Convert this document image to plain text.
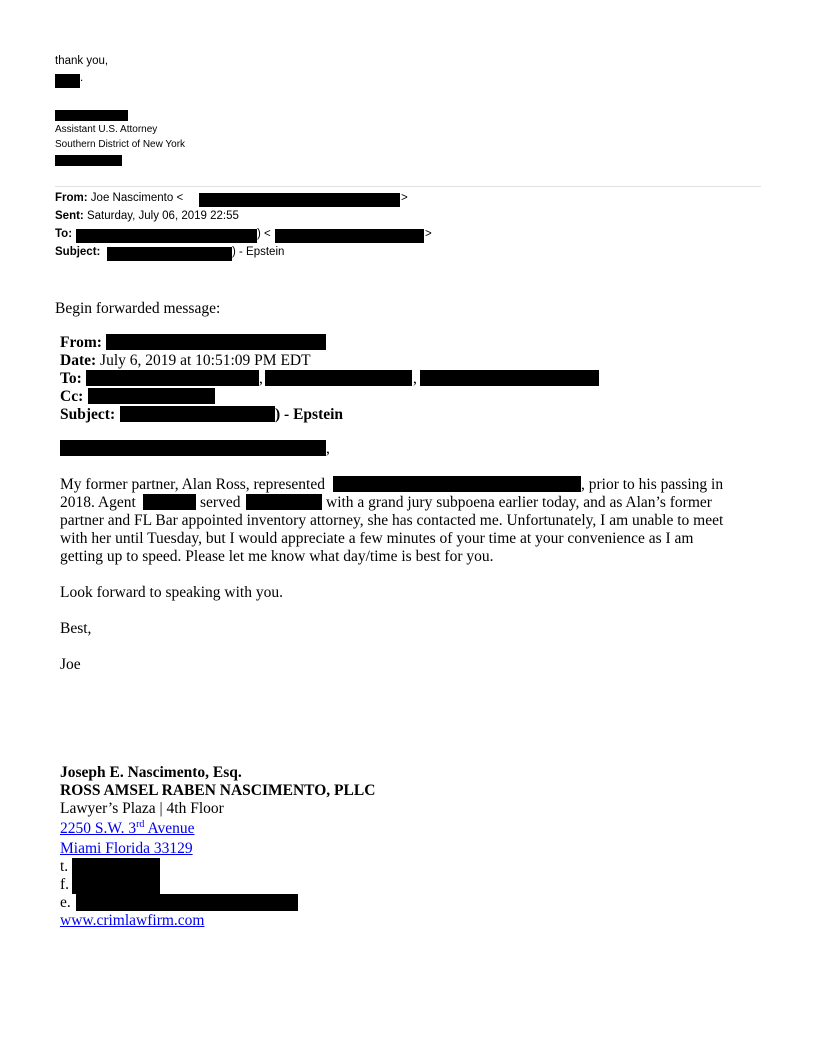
thank you,
.
Assistant U.S. Attorney
Southern District of New York
From: Joe Nascimento <	>
Sent: Saturday, July 06, 2019 22:55
To:	) <	>
Subject:	) - Epstein
Begin forwarded message:
From:
Date: July 6, 2019 at 10:51:09 PM EDT
To:	,	,
Cc:
Subject:	) - Epstein
,
My former partner, Alan Ross, represented	, prior to his passing in
2018. Agent	served	with a grand jury subpoena earlier today, and as Alan’s former
partner and FL Bar appointed inventory attorney, she has contacted me. Unfortunately, I am unable to meet
with her until Tuesday, but I would appreciate a few minutes of your time at your convenience as I am
getting up to speed. Please let me know what day/time is best for you.
Look forward to speaking with you.
Best,
Joe
Joseph E. Nascimento, Esq.
ROSS AMSEL RABEN NASCIMENTO, PLLC
Lawyer’s Plaza | 4th Floor
2250 S.W. 3rd Avenue
Miami Florida 33129
t.
f.
e.
www.crimlawfirm.com
